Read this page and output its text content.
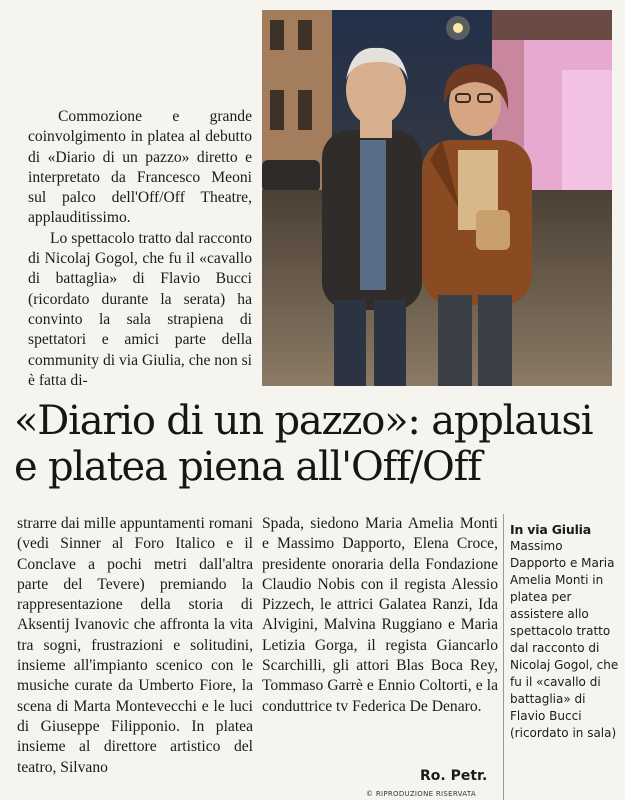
Commozione e grande coinvolgimento in platea al debutto di «Diario di un pazzo» diretto e interpretato da Francesco Meoni sul palco dell'Off/Off Theatre, applauditissimo.

Lo spettacolo tratto dal racconto di Nicolaj Gogol, che fu il «cavallo di battaglia» di Flavio Bucci (ricordato durante la serata) ha convinto la sala strapiena di spettatori e amici parte della community di via Giulia, che non si è fatta di-

«Diario di un pazzo»: applausi
e platea piena all'Off/Off

strarre dai mille appuntamenti romani (vedi Sinner al Foro Italico e il Conclave a pochi metri dall'altra parte del Tevere) premiando la rappresentazione della storia di Aksentij Ivanovic che affronta la vita tra sogni, frustrazioni e solitudini, insieme all'impianto scenico con le musiche curate da Umberto Fiore, la scena di Marta Montevecchi e le luci di Giuseppe Filipponio. In platea insieme al direttore artistico del teatro, Silvano

Spada, siedono Maria Amelia Monti e Massimo Dapporto, Elena Croce, presidente onoraria della Fondazione Claudio Nobis con il regista Alessio Pizzech, le attrici Galatea Ranzi, Ida Alvigini, Malvina Ruggiano e Maria Letizia Gorga, il regista Giancarlo Scarchilli, gli attori Blas Boca Rey, Tommaso Garrè e Ennio Coltorti, e la conduttrice tv Federica De Denaro.

Ro. Petr.
© RIPRODUZIONE RISERVATA
In via Giulia
Massimo Dapporto e Maria Amelia Monti in platea per assistere allo spettacolo tratto dal racconto di Nicolaj Gogol, che fu il «cavallo di battaglia» di Flavio Bucci (ricordato in sala)
